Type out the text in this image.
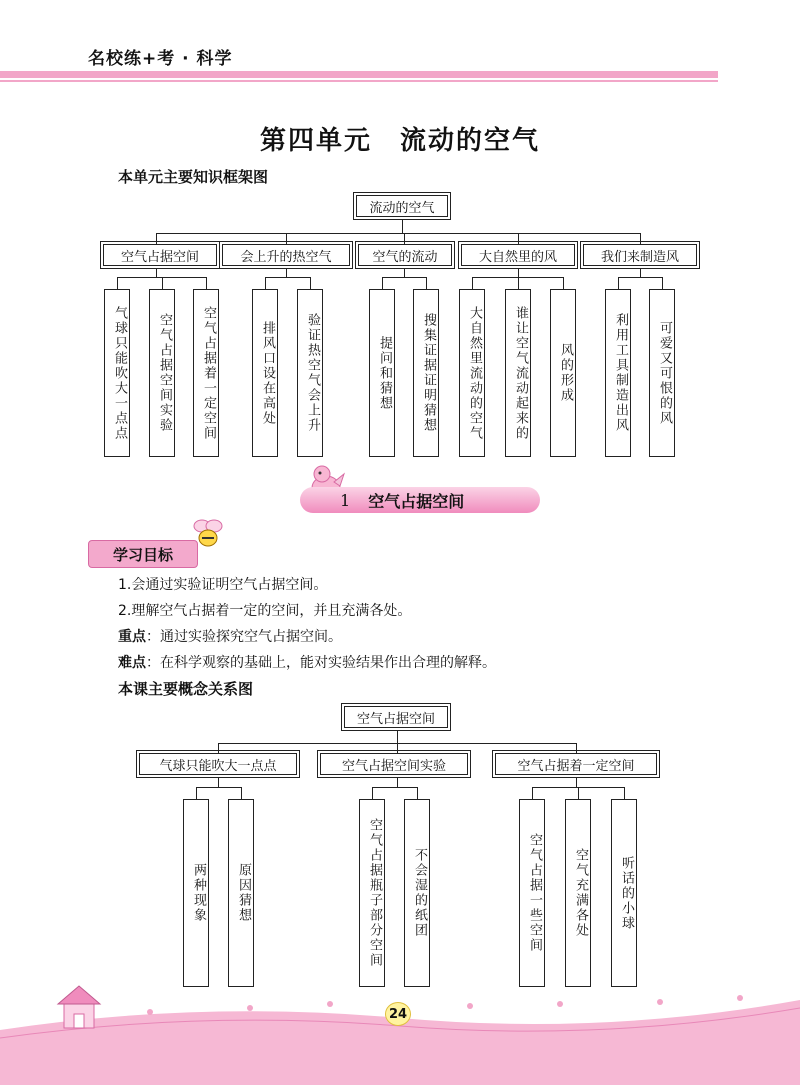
名校练+考 · 科学
第四单元　流动的空气
本单元主要知识框架图
流动的空气
空气占据空间	会上升的热空气	空气的流动	大自然里的风	我们来制造风
气球只能吹大一点点	空气占据空间实验	空气占据着一定空间	排风口设在高处	验证热空气会上升	提问和猜想	搜集证据证明猜想	大自然里流动的空气	谁让空气流动起来的	风的形成	利用工具制造出风	可爱又可恨的风
1 空气占据空间
学习目标
1.会通过实验证明空气占据空间。
2.理解空气占据着一定的空间，并且充满各处。
重点：通过实验探究空气占据空间。
难点：在科学观察的基础上，能对实验结果作出合理的解释。
本课主要概念关系图
空气占据空间
气球只能吹大一点点	空气占据空间实验	空气占据着一定空间
两种现象	原因猜想	空气占据瓶子部分空间	不会湿的纸团	空气占据一些空间	空气充满各处	听话的小球
24
